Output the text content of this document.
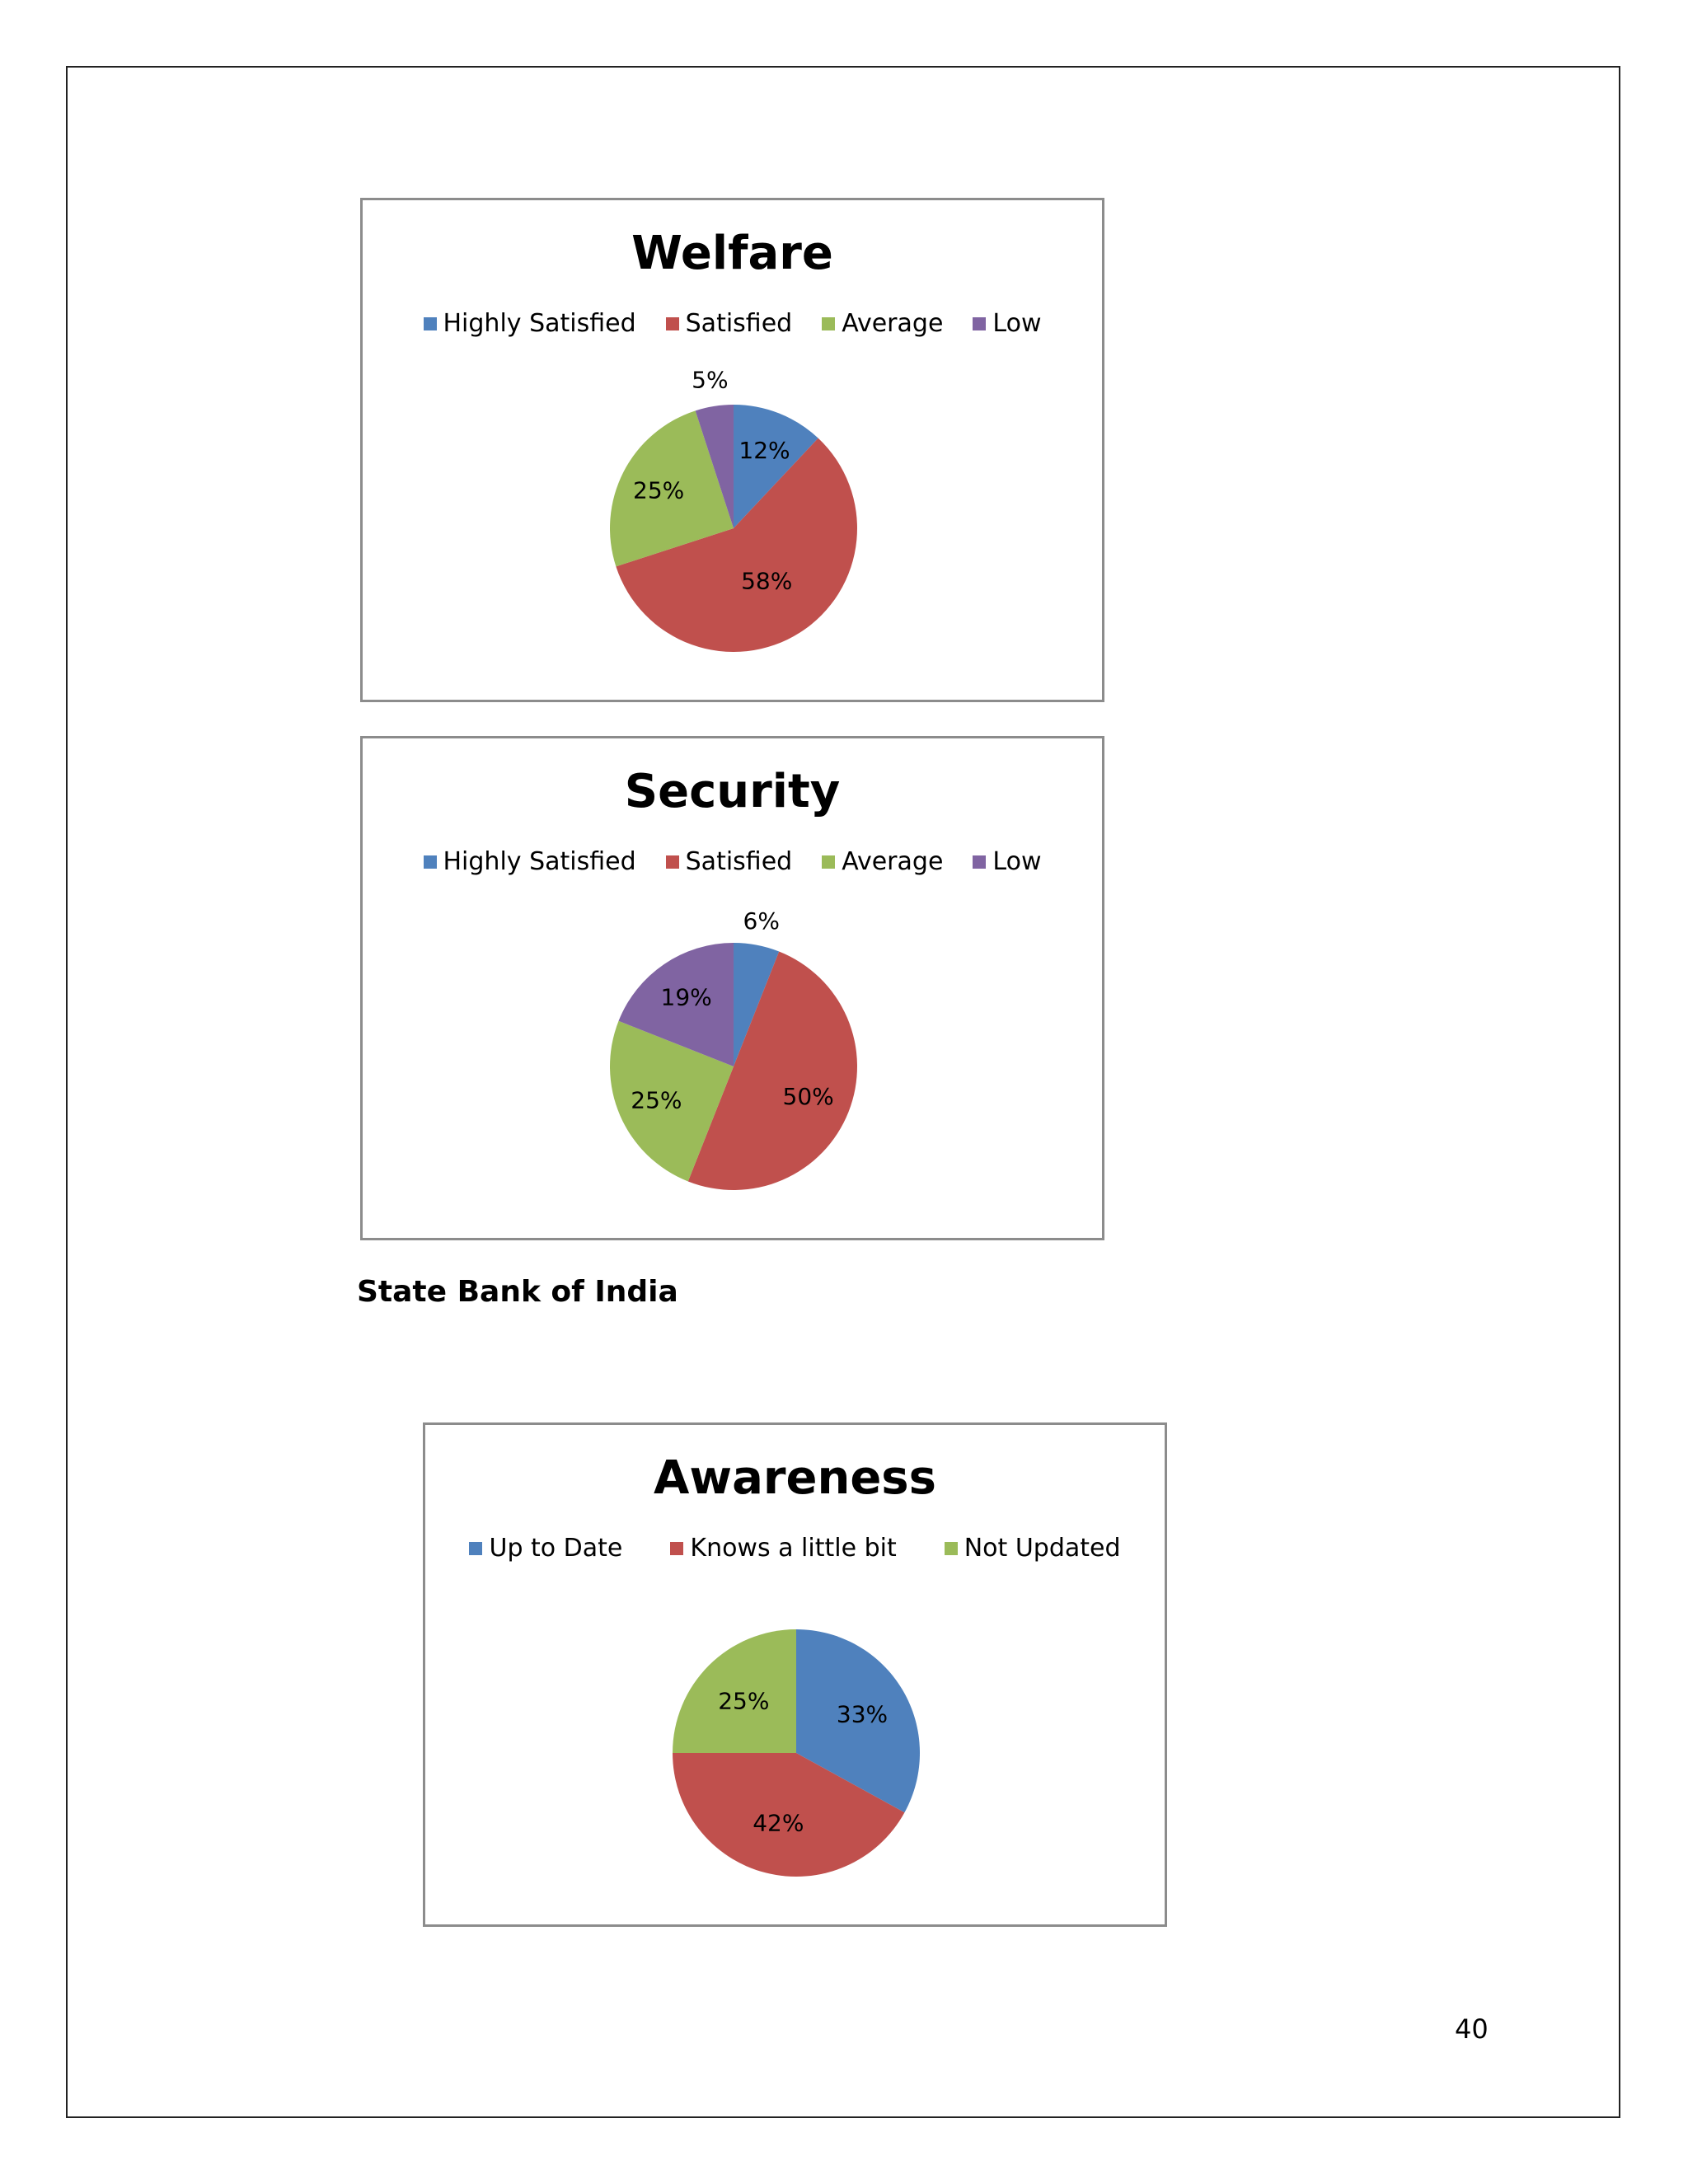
Welfare
Highly Satisfied Satisfied Average Low
12%
58%
25%
5%
Security
Highly Satisfied Satisfied Average Low
6%
50%
25%
19%
State Bank of India
Awareness
Up to Date	Knows a little bit	Not Updated
33%
42%
25%
40
